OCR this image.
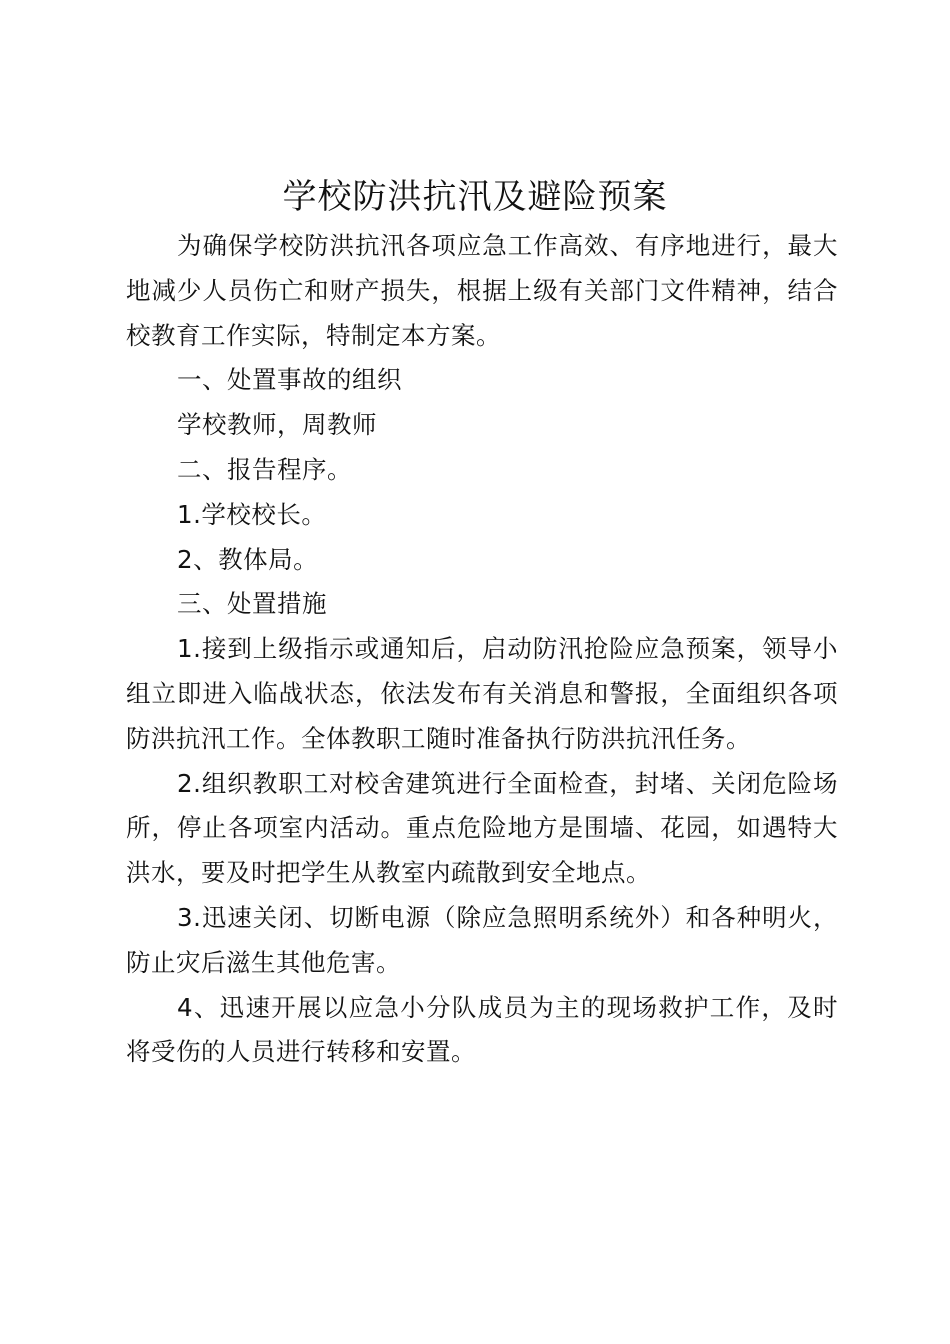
学校防洪抗汛及避险预案

为确保学校防洪抗汛各项应急工作高效、有序地进行，最大地减少人员伤亡和财产损失，根据上级有关部门文件精神，结合校教育工作实际，特制定本方案。

一、处置事故的组织

学校教师，周教师

二、报告程序。

1.学校校长。

2、教体局。

三、处置措施

1.接到上级指示或通知后，启动防汛抢险应急预案，领导小组立即进入临战状态，依法发布有关消息和警报，全面组织各项防洪抗汛工作。全体教职工随时准备执行防洪抗汛任务。

2.组织教职工对校舍建筑进行全面检查，封堵、关闭危险场所，停止各项室内活动。重点危险地方是围墙、花园，如遇特大洪水，要及时把学生从教室内疏散到安全地点。

3.迅速关闭、切断电源（除应急照明系统外）和各种明火，防止灾后滋生其他危害。

4、迅速开展以应急小分队成员为主的现场救护工作，及时将受伤的人员进行转移和安置。
